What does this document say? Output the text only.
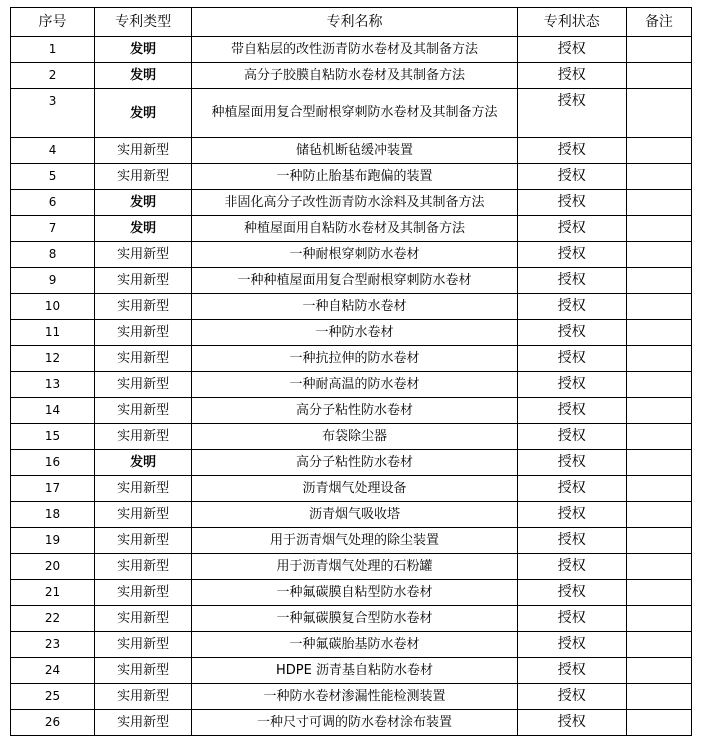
序号	专利类型	专利名称	专利状态	备注
1	发明	带自粘层的改性沥青防水卷材及其制备方法	授权	
2	发明	高分子胶膜自粘防水卷材及其制备方法	授权	
3	发明	种植屋面用复合型耐根穿刺防水卷材及其制备方法	授权	
4	实用新型	储毡机断毡缓冲装置	授权	
5	实用新型	一种防止胎基布跑偏的装置	授权	
6	发明	非固化高分子改性沥青防水涂料及其制备方法	授权	
7	发明	种植屋面用自粘防水卷材及其制备方法	授权	
8	实用新型	一种耐根穿刺防水卷材	授权	
9	实用新型	一种种植屋面用复合型耐根穿刺防水卷材	授权	
10	实用新型	一种自粘防水卷材	授权	
11	实用新型	一种防水卷材	授权	
12	实用新型	一种抗拉伸的防水卷材	授权	
13	实用新型	一种耐高温的防水卷材	授权	
14	实用新型	高分子粘性防水卷材	授权	
15	实用新型	布袋除尘器	授权	
16	发明	高分子粘性防水卷材	授权	
17	实用新型	沥青烟气处理设备	授权	
18	实用新型	沥青烟气吸收塔	授权	
19	实用新型	用于沥青烟气处理的除尘装置	授权	
20	实用新型	用于沥青烟气处理的石粉罐	授权	
21	实用新型	一种氟碳膜自粘型防水卷材	授权	
22	实用新型	一种氟碳膜复合型防水卷材	授权	
23	实用新型	一种氟碳胎基防水卷材	授权	
24	实用新型	HDPE 沥青基自粘防水卷材	授权	
25	实用新型	一种防水卷材渗漏性能检测装置	授权	
26	实用新型	一种尺寸可调的防水卷材涂布装置	授权	
